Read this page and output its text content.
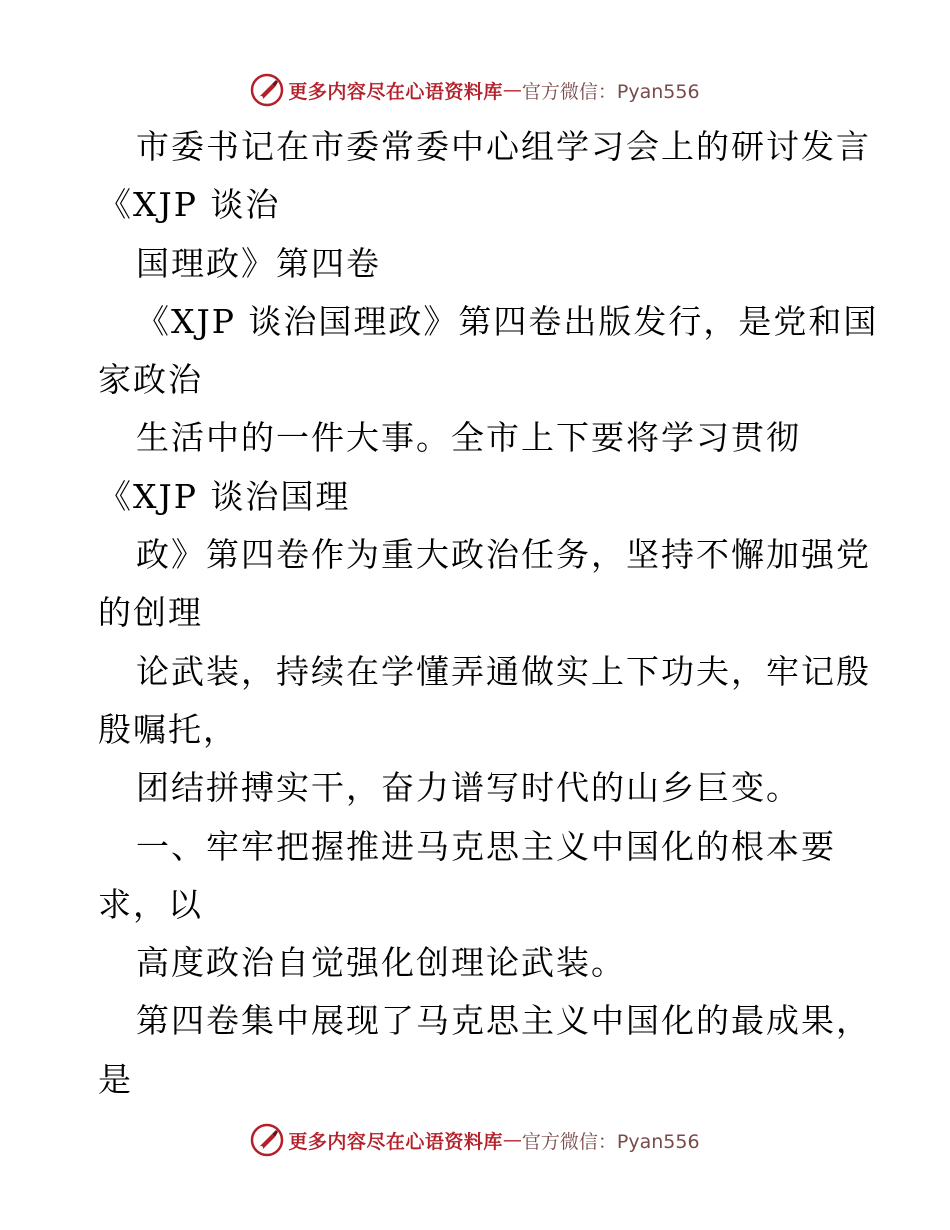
更多内容尽在心语资料库 — 官方微信：Pyan556
市委书记在市委常委中心组学习会上的研讨发言
《XJP 谈治
国理政》第四卷
《XJP 谈治国理政》第四卷出版发行，是党和国
家政治
生活中的一件大事。全市上下要将学习贯彻
《XJP 谈治国理
政》第四卷作为重大政治任务，坚持不懈加强党
的创理
论武装，持续在学懂弄通做实上下功夫，牢记殷
殷嘱托，
团结拼搏实干，奋力谱写时代的山乡巨变。
一、牢牢把握推进马克思主义中国化的根本要
求，以
高度政治自觉强化创理论武装。
第四卷集中展现了马克思主义中国化的最成果，
是
更多内容尽在心语资料库 — 官方微信：Pyan556
